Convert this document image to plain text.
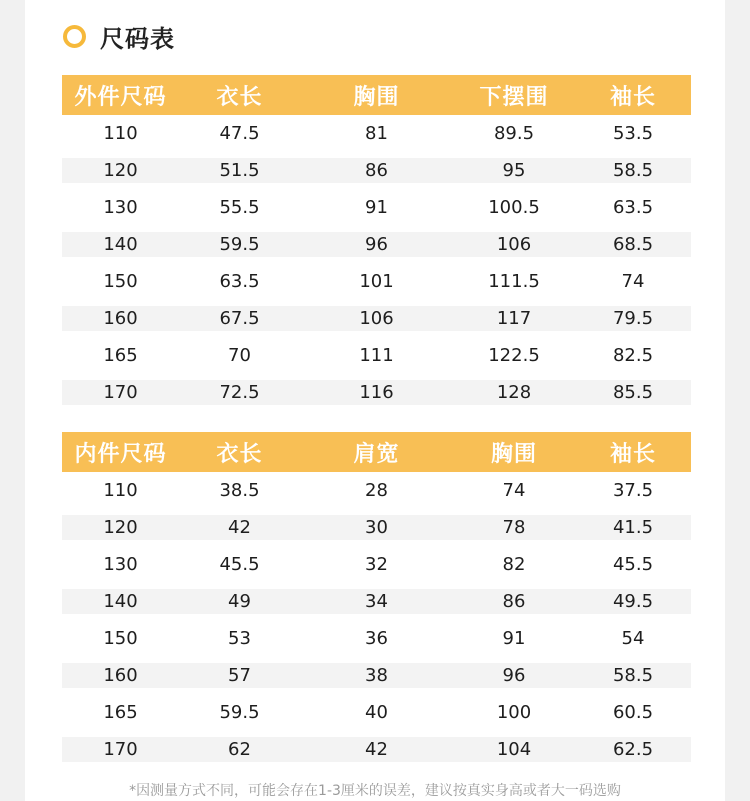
尺码表
外件尺码	衣长	胸围	下摆围	袖长
110	47.5	81	89.5	53.5
120	51.5	86	95	58.5
130	55.5	91	100.5	63.5
140	59.5	96	106	68.5
150	63.5	101	111.5	74
160	67.5	106	117	79.5
165	70	111	122.5	82.5
170	72.5	116	128	85.5
内件尺码	衣长	肩宽	胸围	袖长
110	38.5	28	74	37.5
120	42	30	78	41.5
130	45.5	32	82	45.5
140	49	34	86	49.5
150	53	36	91	54
160	57	38	96	58.5
165	59.5	40	100	60.5
170	62	42	104	62.5
*因测量方式不同，可能会存在1-3厘米的误差，建议按真实身高或者大一码选购
